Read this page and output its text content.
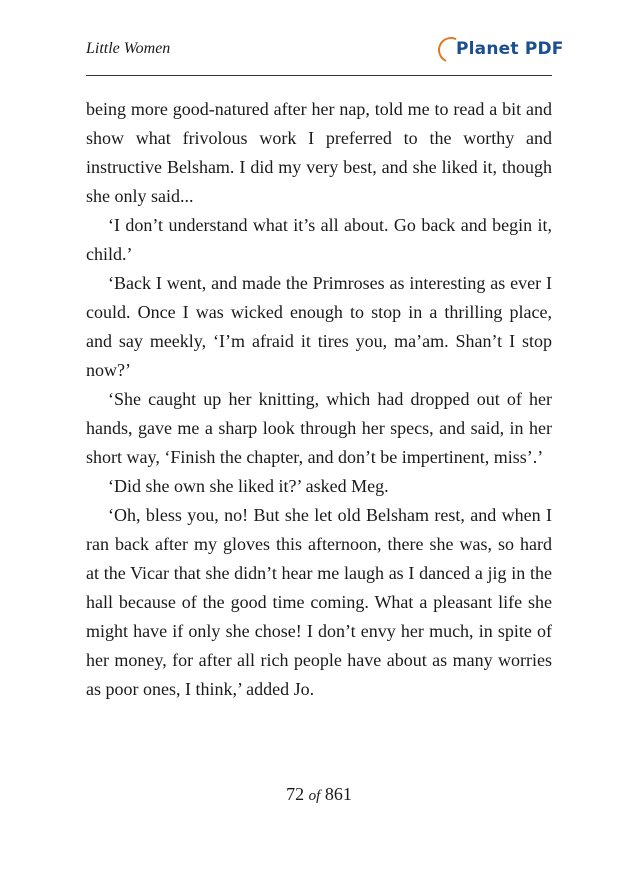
Little Women	Planet PDF

being more good-natured after her nap, told me to read a bit and show what frivolous work I preferred to the worthy and instructive Belsham. I did my very best, and she liked it, though she only said...

‘I don’t understand what it’s all about. Go back and begin it, child.’

‘Back I went, and made the Primroses as interesting as ever I could. Once I was wicked enough to stop in a thrilling place, and say meekly, ‘I’m afraid it tires you, ma’am. Shan’t I stop now?’

‘She caught up her knitting, which had dropped out of her hands, gave me a sharp look through her specs, and said, in her short way, ‘Finish the chapter, and don’t be impertinent, miss’.’

‘Did she own she liked it?’ asked Meg.

‘Oh, bless you, no! But she let old Belsham rest, and when I ran back after my gloves this afternoon, there she was, so hard at the Vicar that she didn’t hear me laugh as I danced a jig in the hall because of the good time coming. What a pleasant life she might have if only she chose! I don’t envy her much, in spite of her money, for after all rich people have about as many worries as poor ones, I think,’ added Jo.

72 of 861
